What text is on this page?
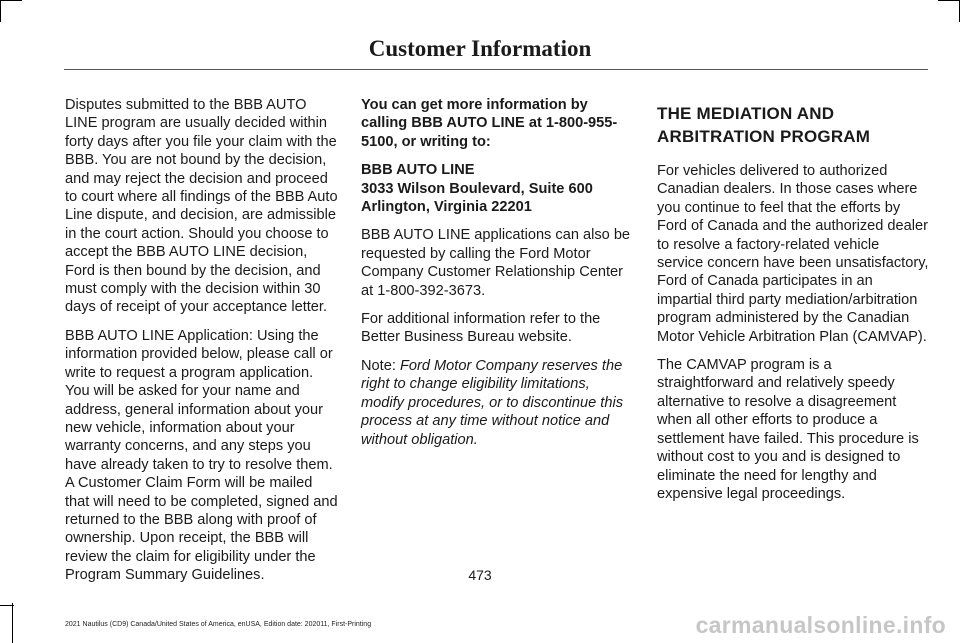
Customer Information

Disputes submitted to the BBB AUTO LINE program are usually decided within forty days after you file your claim with the BBB. You are not bound by the decision, and may reject the decision and proceed to court where all findings of the BBB Auto Line dispute, and decision, are admissible in the court action. Should you choose to accept the BBB AUTO LINE decision, Ford is then bound by the decision, and must comply with the decision within 30 days of receipt of your acceptance letter.

BBB AUTO LINE Application: Using the information provided below, please call or write to request a program application. You will be asked for your name and address, general information about your new vehicle, information about your warranty concerns, and any steps you have already taken to try to resolve them. A Customer Claim Form will be mailed that will need to be completed, signed and returned to the BBB along with proof of ownership. Upon receipt, the BBB will review the claim for eligibility under the Program Summary Guidelines.

You can get more information by calling BBB AUTO LINE at 1-800-955-5100, or writing to:

BBB AUTO LINE
3033 Wilson Boulevard, Suite 600
Arlington, Virginia 22201

BBB AUTO LINE applications can also be requested by calling the Ford Motor Company Customer Relationship Center at 1-800-392-3673.

For additional information refer to the Better Business Bureau website.

Note: Ford Motor Company reserves the right to change eligibility limitations, modify procedures, or to discontinue this process at any time without notice and without obligation.

THE MEDIATION AND
ARBITRATION PROGRAM

For vehicles delivered to authorized Canadian dealers. In those cases where you continue to feel that the efforts by Ford of Canada and the authorized dealer to resolve a factory-related vehicle service concern have been unsatisfactory, Ford of Canada participates in an impartial third party mediation/arbitration program administered by the Canadian Motor Vehicle Arbitration Plan (CAMVAP).

The CAMVAP program is a straightforward and relatively speedy alternative to resolve a disagreement when all other efforts to produce a settlement have failed. This procedure is without cost to you and is designed to eliminate the need for lengthy and expensive legal proceedings.

473
2021 Nautilus (CD9) Canada/United States of America, enUSA, Edition date: 202011, First-Printing	carmanualsonline.info
